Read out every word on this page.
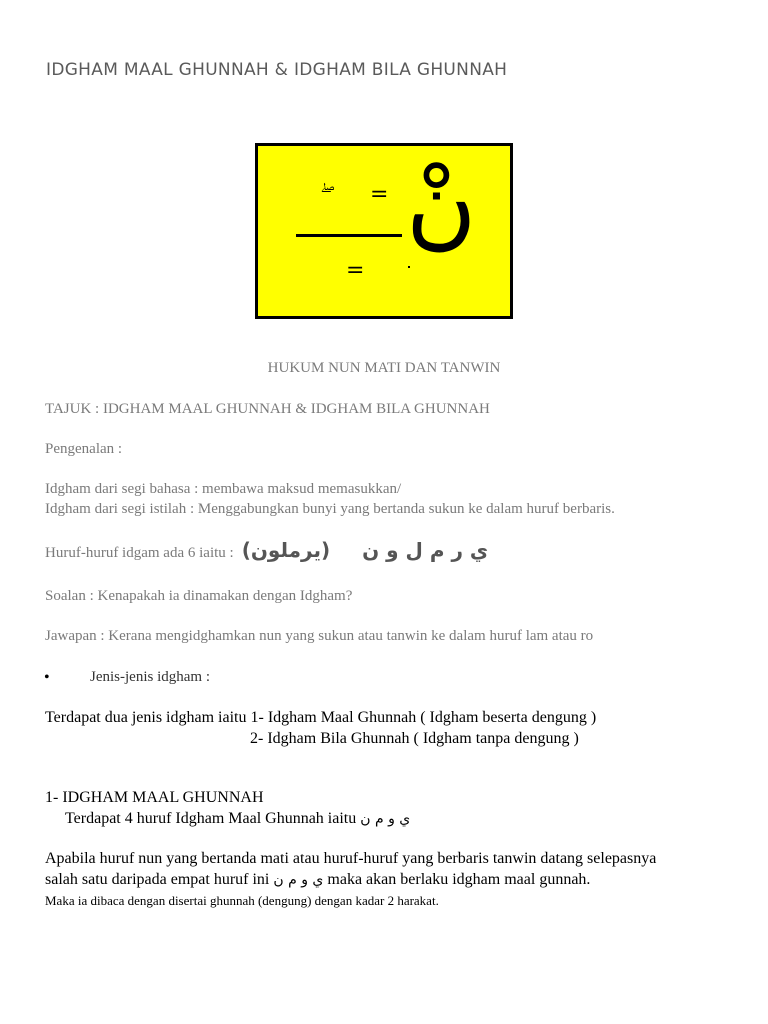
IDGHAM MAAL GHUNNAH & IDGHAM BILA GHUNNAH
=
=
نْ
HUKUM NUN MATI DAN TANWIN
TAJUK : IDGHAM MAAL GHUNNAH & IDGHAM BILA GHUNNAH
Pengenalan :
Idgham dari segi bahasa : membawa maksud memasukkan/
Idgham dari segi istilah : Menggabungkan bunyi yang bertanda sukun ke dalam huruf berbaris.
Huruf-huruf idgam ada 6 iaitu : (يرملون) ي ر م ل و ن
Soalan : Kenapakah ia dinamakan dengan Idgham?
Jawapan : Kerana mengidghamkan nun yang sukun atau tanwin ke dalam huruf lam atau ro
•	Jenis-jenis idgham :
Terdapat dua jenis idgham iaitu 1- Idgham Maal Ghunnah ( Idgham beserta dengung )
2- Idgham Bila Ghunnah ( Idgham tanpa dengung )
1- IDGHAM MAAL GHUNNAH
Terdapat 4 huruf Idgham Maal Ghunnah iaitu ي و م ن
Apabila huruf nun yang bertanda mati atau huruf-huruf yang berbaris tanwin datang selepasnya
salah satu daripada empat huruf ini ي و م ن maka akan berlaku idgham maal gunnah.
Maka ia dibaca dengan disertai ghunnah (dengung) dengan kadar 2 harakat.
